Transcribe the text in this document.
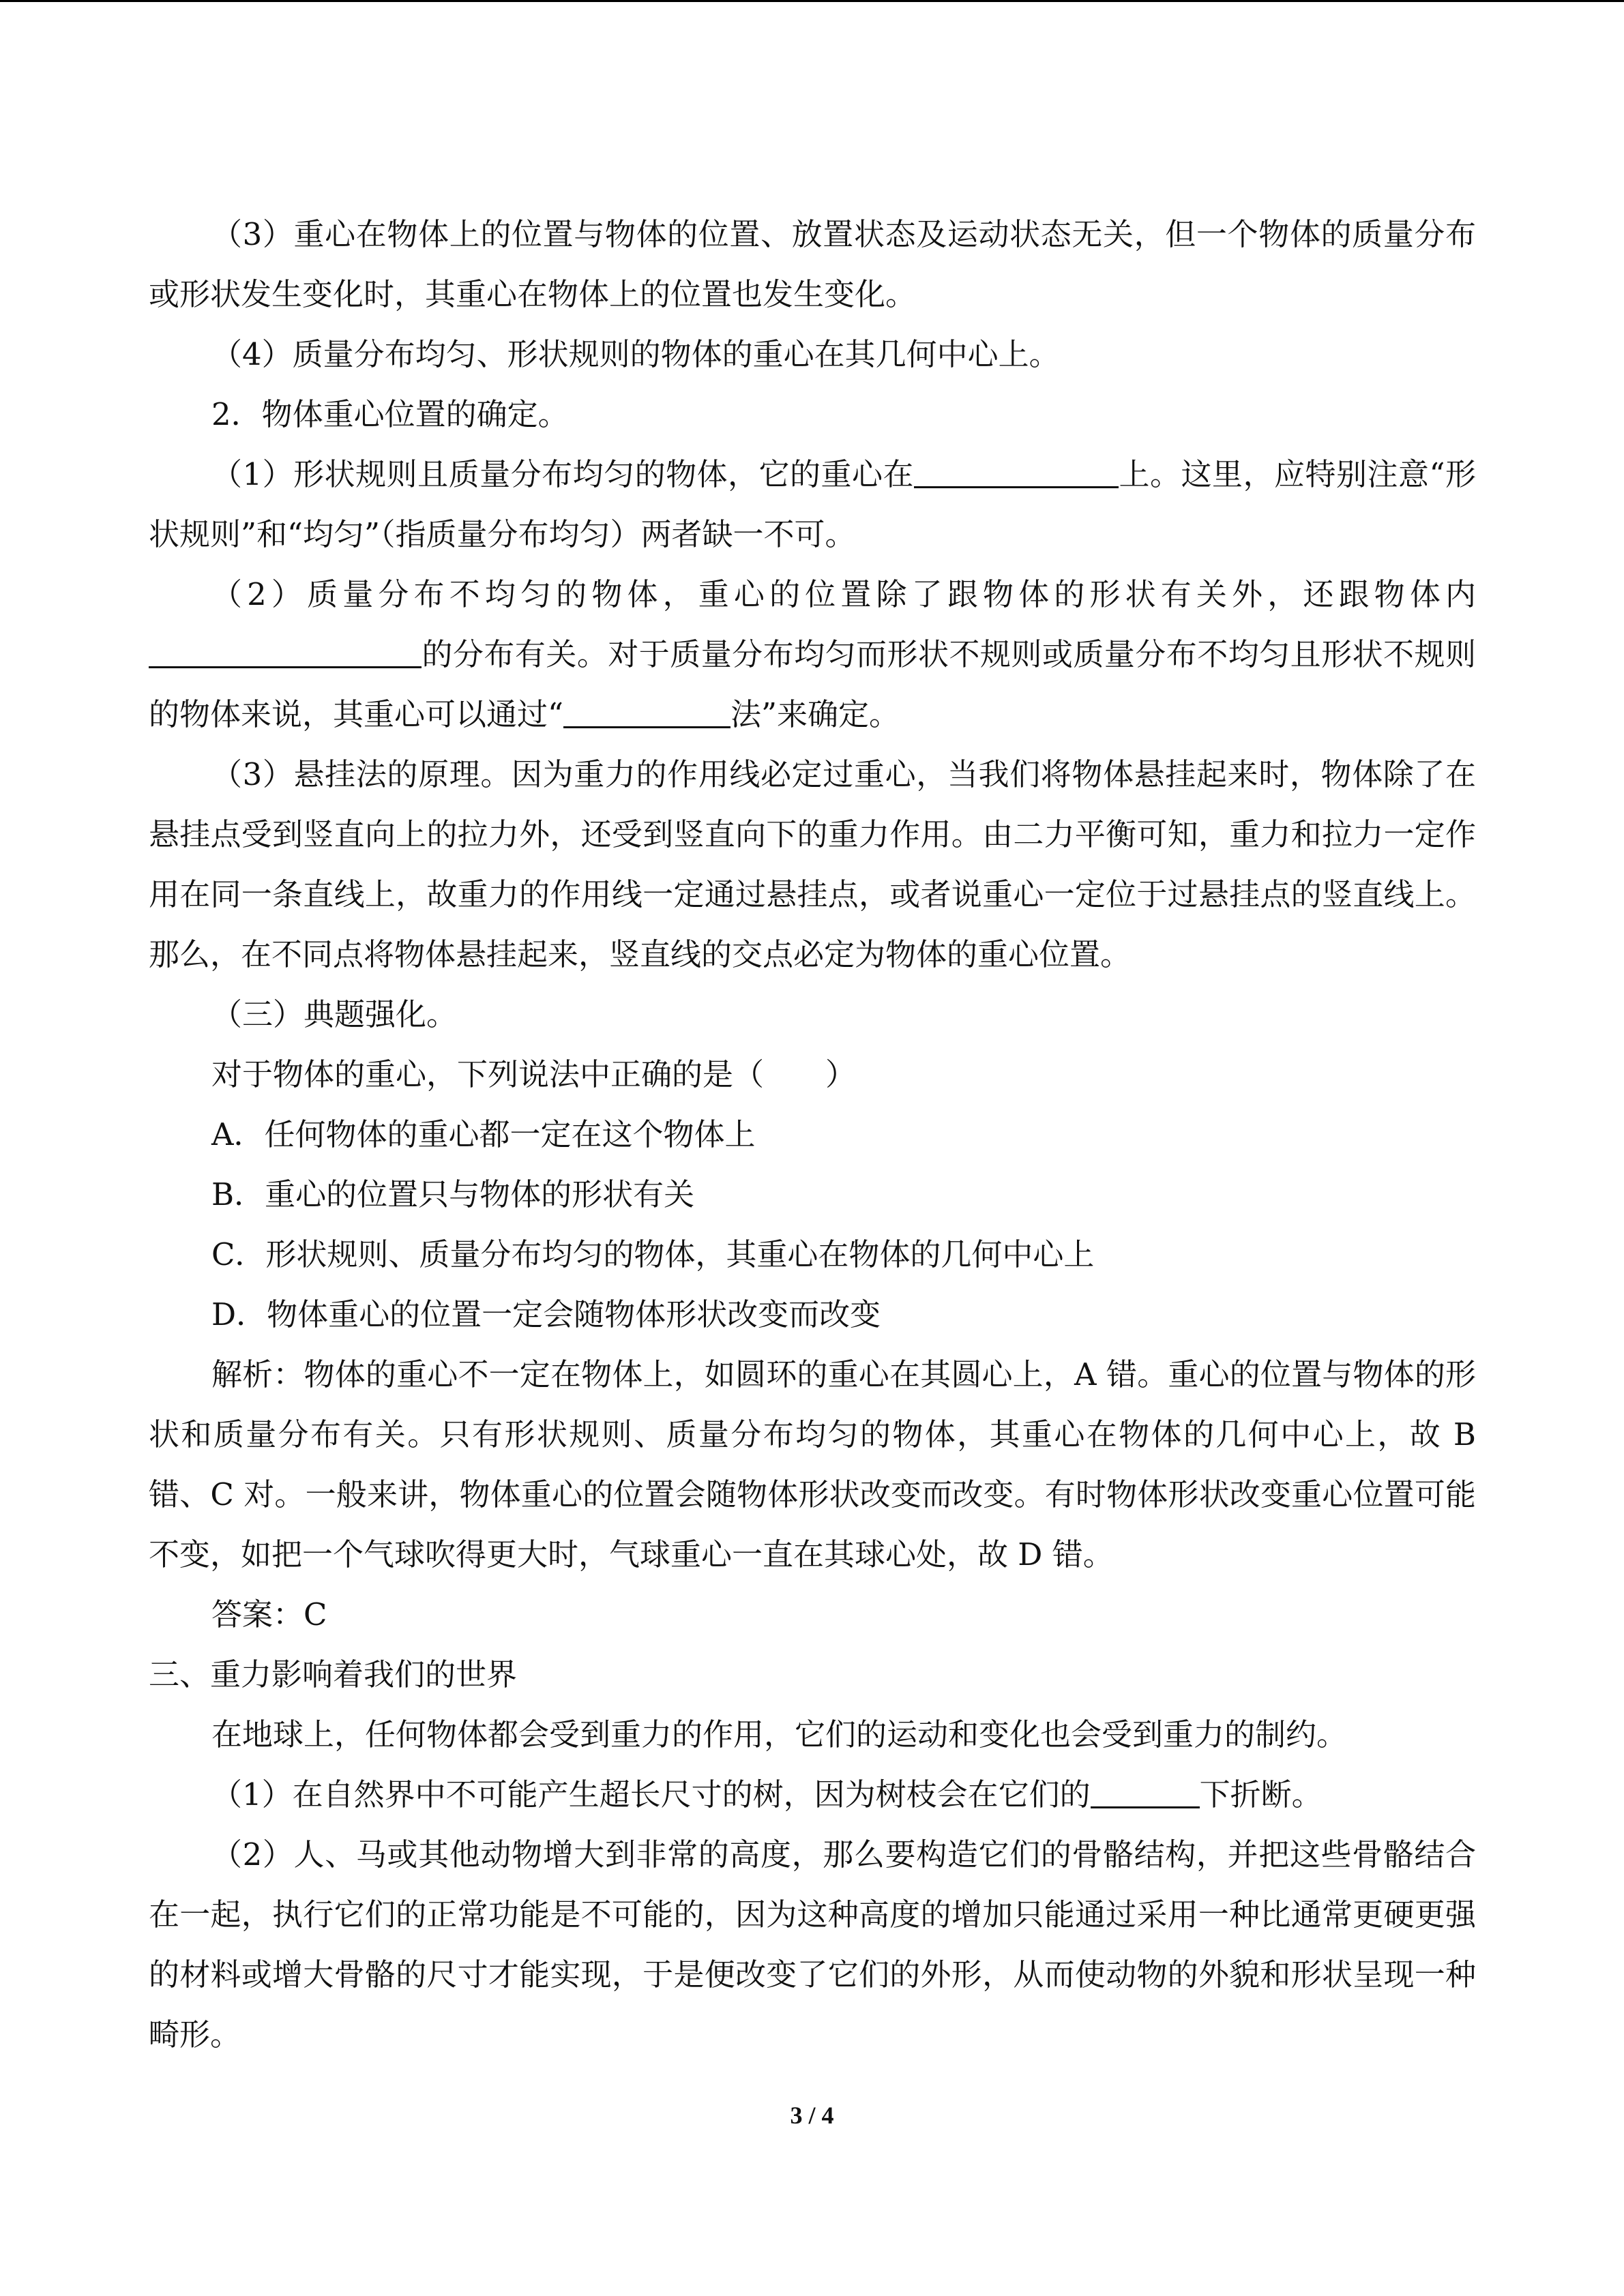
（3）重心在物体上的位置与物体的位置、放置状态及运动状态无关，但一个物体的质量分布或形状发生变化时，其重心在物体上的位置也发生变化。

（4）质量分布均匀、形状规则的物体的重心在其几何中心上。

2．物体重心位置的确定。

（1）形状规则且质量分布均匀的物体，它的重心在	上。这里，应特别注意“形状规则”和“均匀”（指质量分布均匀）两者缺一不可。

（2）质量分布不均匀的物体，重心的位置除了跟物体的形状有关外，还跟物体内的分布有关。对于质量分布均匀而形状不规则或质量分布不均匀且形状不规则的物体来说，其重心可以通过“	法”来确定。

（3）悬挂法的原理。因为重力的作用线必定过重心，当我们将物体悬挂起来时，物体除了在悬挂点受到竖直向上的拉力外，还受到竖直向下的重力作用。由二力平衡可知，重力和拉力一定作用在同一条直线上，故重力的作用线一定通过悬挂点，或者说重心一定位于过悬挂点的竖直线上。那么，在不同点将物体悬挂起来，竖直线的交点必定为物体的重心位置。

（三）典题强化。

对于物体的重心，下列说法中正确的是（　　）

A．任何物体的重心都一定在这个物体上

B．重心的位置只与物体的形状有关

C．形状规则、质量分布均匀的物体，其重心在物体的几何中心上

D．物体重心的位置一定会随物体形状改变而改变

解析：物体的重心不一定在物体上，如圆环的重心在其圆心上，A 错。重心的位置与物体的形状和质量分布有关。只有形状规则、质量分布均匀的物体，其重心在物体的几何中心上，故 B 错、C 对。一般来讲，物体重心的位置会随物体形状改变而改变。有时物体形状改变重心位置可能不变，如把一个气球吹得更大时，气球重心一直在其球心处，故 D 错。

答案：C

三、重力影响着我们的世界

在地球上，任何物体都会受到重力的作用，它们的运动和变化也会受到重力的制约。

（1）在自然界中不可能产生超长尺寸的树，因为树枝会在它们的	下折断。

（2）人、马或其他动物增大到非常的高度，那么要构造它们的骨骼结构，并把这些骨骼结合在一起，执行它们的正常功能是不可能的，因为这种高度的增加只能通过采用一种比通常更硬更强的材料或增大骨骼的尺寸才能实现，于是便改变了它们的外形，从而使动物的外貌和形状呈现一种畸形。

3 / 4
